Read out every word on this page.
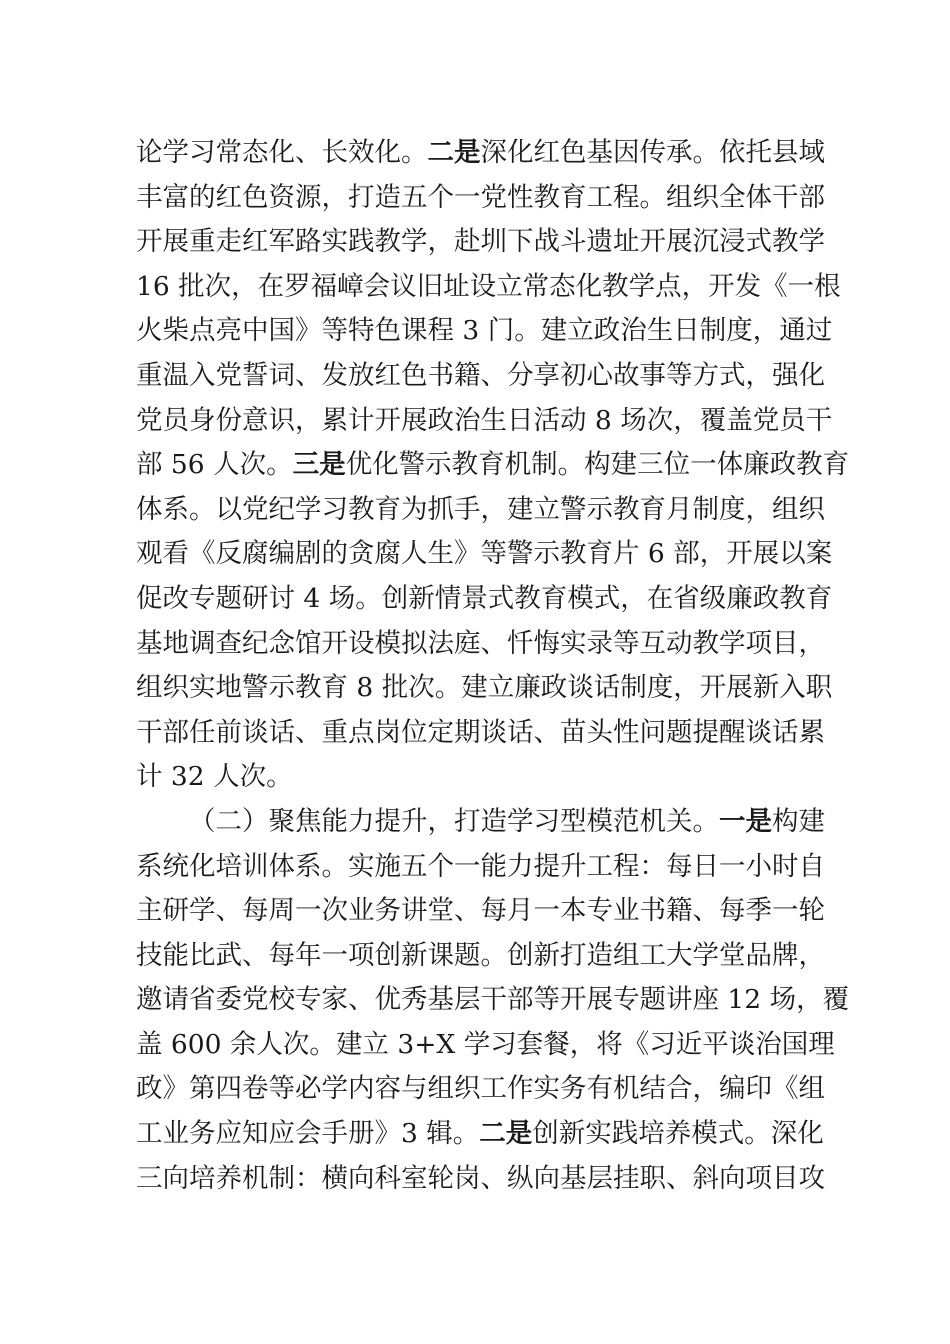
论学习常态化、长效化。二是深化红色基因传承。依托县域
丰富的红色资源，打造五个一党性教育工程。组织全体干部
开展重走红军路实践教学，赴圳下战斗遗址开展沉浸式教学
16 批次，在罗福嶂会议旧址设立常态化教学点，开发《一根
火柴点亮中国》等特色课程 3 门。建立政治生日制度，通过
重温入党誓词、发放红色书籍、分享初心故事等方式，强化
党员身份意识，累计开展政治生日活动 8 场次，覆盖党员干
部 56 人次。三是优化警示教育机制。构建三位一体廉政教育
体系。以党纪学习教育为抓手，建立警示教育月制度，组织
观看《反腐编剧的贪腐人生》等警示教育片 6 部，开展以案
促改专题研讨 4 场。创新情景式教育模式，在省级廉政教育
基地调查纪念馆开设模拟法庭、忏悔实录等互动教学项目，
组织实地警示教育 8 批次。建立廉政谈话制度，开展新入职
干部任前谈话、重点岗位定期谈话、苗头性问题提醒谈话累
计 32 人次。
（二）聚焦能力提升，打造学习型模范机关。一是构建
系统化培训体系。实施五个一能力提升工程：每日一小时自
主研学、每周一次业务讲堂、每月一本专业书籍、每季一轮
技能比武、每年一项创新课题。创新打造组工大学堂品牌，
邀请省委党校专家、优秀基层干部等开展专题讲座 12 场，覆
盖 600 余人次。建立 3+X 学习套餐，将《习近平谈治国理
政》第四卷等必学内容与组织工作实务有机结合，编印《组
工业务应知应会手册》3 辑。二是创新实践培养模式。深化
三向培养机制：横向科室轮岗、纵向基层挂职、斜向项目攻
